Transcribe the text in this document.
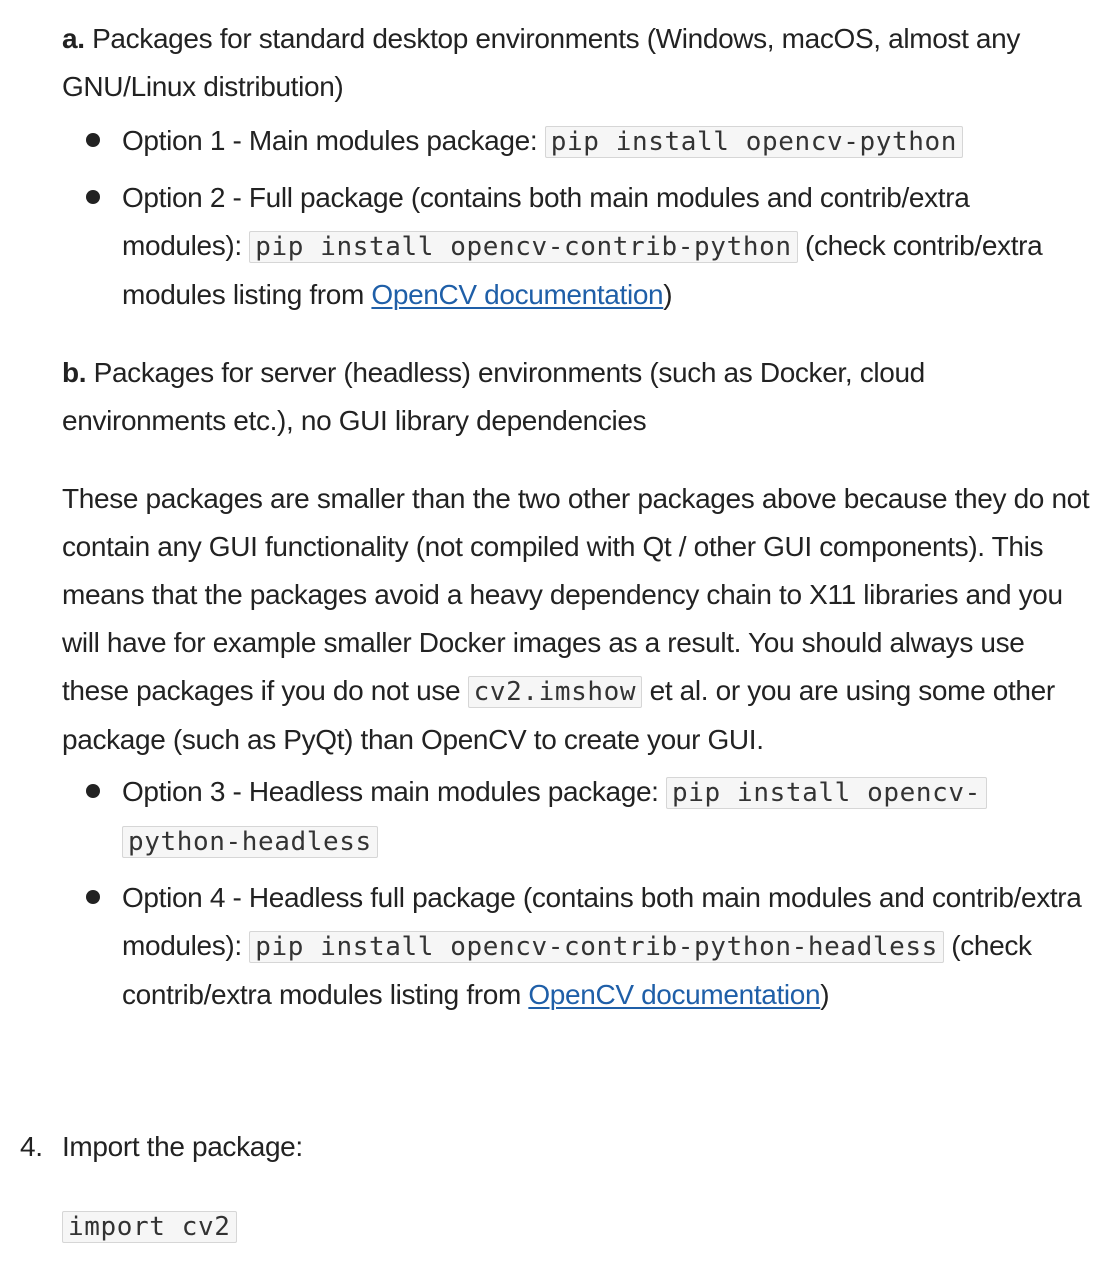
a. Packages for standard desktop environments (Windows, macOS, almost any GNU/Linux distribution)

Option 1 - Main modules package: pip install opencv-python
Option 2 - Full package (contains both main modules and contrib/extra modules): pip install opencv-contrib-python (check contrib/extra modules listing from OpenCV documentation)

b. Packages for server (headless) environments (such as Docker, cloud environments etc.), no GUI library dependencies

These packages are smaller than the two other packages above because they do not contain any GUI functionality (not compiled with Qt / other GUI components). This means that the packages avoid a heavy dependency chain to X11 libraries and you will have for example smaller Docker images as a result. You should always use these packages if you do not use cv2.imshow et al. or you are using some other package (such as PyQt) than OpenCV to create your GUI.

Option 3 - Headless main modules package: pip install opencv-python-headless
Option 4 - Headless full package (contains both main modules and contrib/extra modules): pip install opencv-contrib-python-headless (check contrib/extra modules listing from OpenCV documentation)

4. Import the package:

import cv2
